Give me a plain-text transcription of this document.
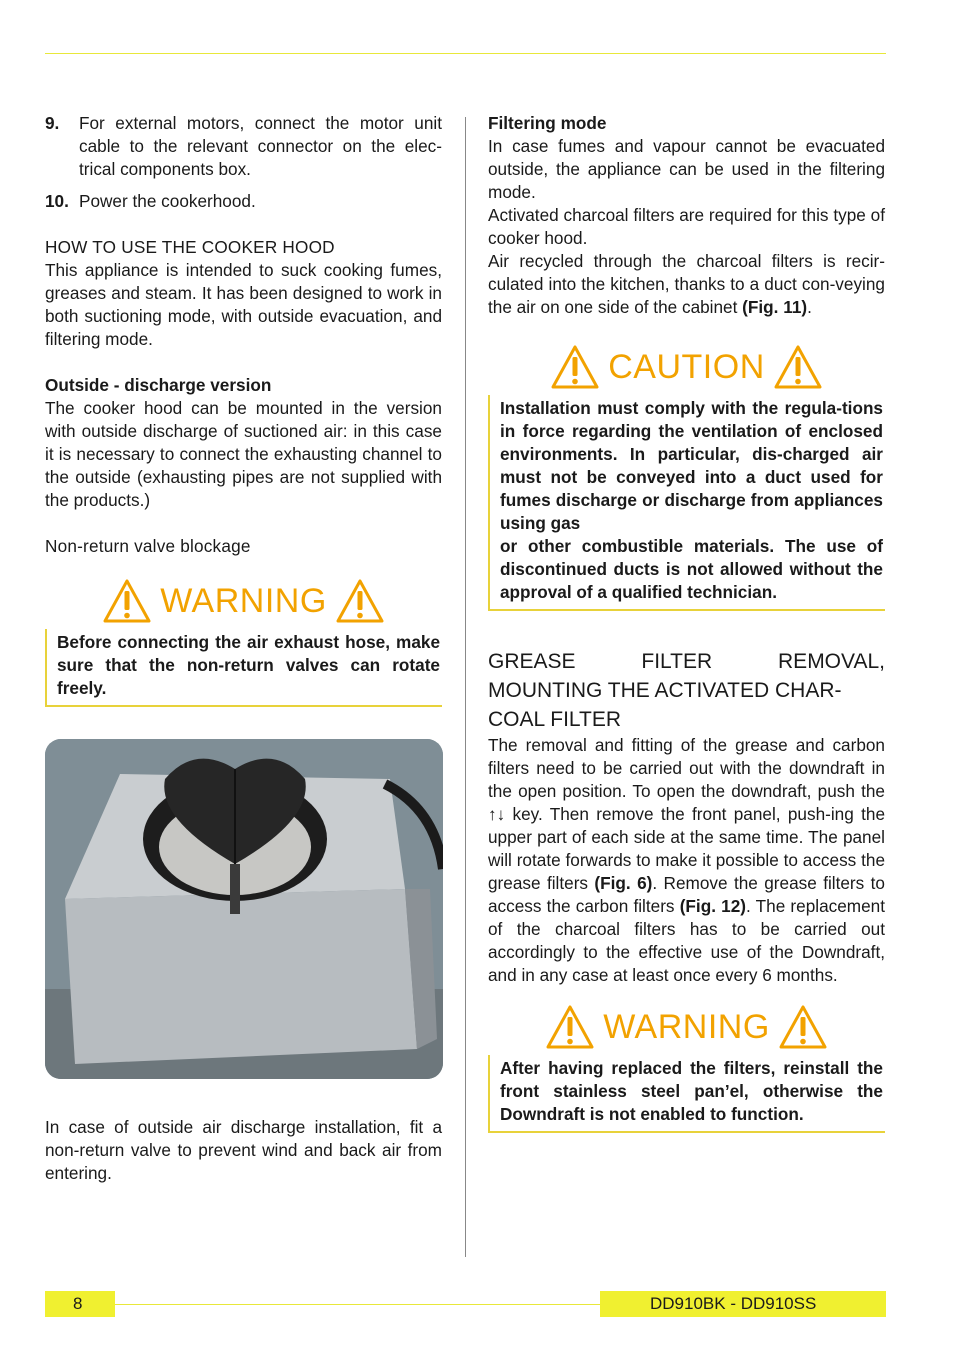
9.	For external motors, connect the motor unit cable to the relevant connector on the elec-trical components box.
10. Power the cookerhood.

HOW TO USE THE COOKER HOOD

This appliance is intended to suck cooking fumes, greases and steam. It has been designed to work in both suctioning mode, with outside evacuation, and filtering mode.

Outside - discharge version

The cooker hood can be mounted in the version with outside discharge of suctioned air: in this case it is necessary to connect the exhausting channel to the outside (exhausting pipes are not supplied with the products.)

Non-return valve blockage

WARNING
Before connecting the air exhaust hose, make sure that the non-return valves can rotate freely.

In case of outside air discharge installation, fit a non-return valve to prevent wind and back air from entering.

Filtering mode

In case fumes and vapour cannot be evacuated outside, the appliance can be used in the filtering mode.

Activated charcoal filters are required for this type of cooker hood.

Air recycled through the charcoal filters is recir-culated into the kitchen, thanks to a duct con-veying the air on one side of the cabinet (Fig. 11).

CAUTION

Installation must comply with the regula-tions in force regarding the ventilation of enclosed environments. In particular, dis-charged air must not be conveyed into a duct used for fumes discharge or discharge from appliances using gas

or other combustible materials. The use of discontinued ducts is not allowed without the approval of a qualified technician.

GREASE	FILTER	REMOVAL,
MOUNTING THE ACTIVATED CHAR-
COAL FILTER

The removal and fitting of the grease and carbon filters need to be carried out with the downdraft in the open position. To open the downdraft, push the ↑↓ key. Then remove the front panel, push-ing the upper part of each side at the same time. The panel will rotate forwards to make it possible to access the grease filters (Fig. 6). Remove the grease filters to access the carbon filters (Fig. 12). The replacement of the charcoal filters has to be carried out accordingly to the effective use of the Downdraft, and in any case at least once every 6 months.

WARNING
After having replaced the filters, reinstall the front stainless steel pan’el, otherwise the Downdraft is not enabled to function.
8	DD910BK - DD910SS
